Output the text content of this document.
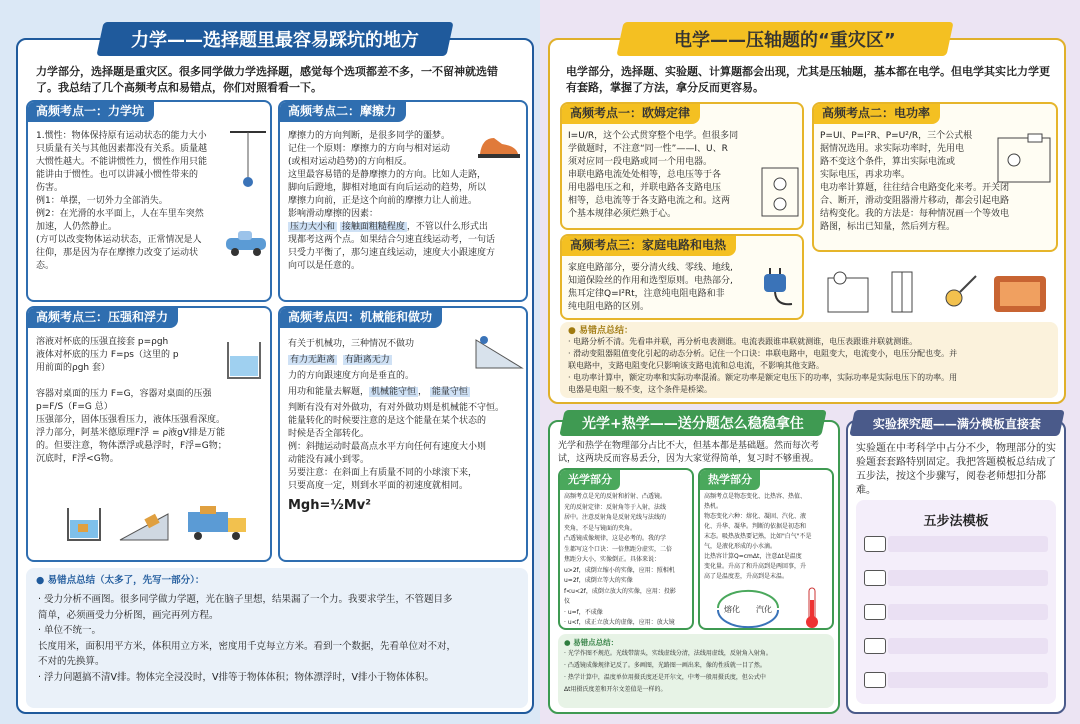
力学——选择题里最容易踩坑的地方
力学部分，选择题是重灾区。很多同学做力学选择题，感觉每个选项都差不多，一不留神就选错了。我总结了几个高频考点和易错点，你们对照看看一下。
高频考点一：力学坑

1.惯性：物体保持原有运动状态的能力大小

只质量有关与其他因素都没有关系。质量越

大惯性越大。不能讲惯性力，惯性作用只能

能讲由于惯性。也可以讲减小惯性带来的

伤害。

例1：单摆，一切外力全部消失。

例2：在光滑的水平面上，人在车里车突然

加速，人仍然静止。

(方可以改变物体运动状态，正常情况是人

往仰，那是因为存在摩擦力改变了运动状

态。

高频考点二：摩擦力

摩擦力的方向判断，是很多同学的噩梦。

记住一个原则：摩擦力的方向与相对运动

(或相对运动趋势)的方向相反。

这里最容易错的是静摩擦力的方向。比如人走路，

脚向后蹬地，脚相对地面有向后运动的趋势，所以

摩擦力向前，正是这个向前的摩擦力让人前进。

影响滑动摩擦的因素：

压力大小和 接触面粗糙程度 ，不管以什么形式出

现都考这两个点。如果结合匀速直线运动考，一句话

只受力平衡了，那匀速直线运动，速度大小跟速度方

向可以是任意的。

高频考点三：压强和浮力

溶液对杯底的压强直接套 p=ρgh

液体对杯底的压力 F=ps（这里的 p

用前面的ρgh 套）

容器对桌面的压力 F=G，容器对桌面的压强

p=F/S（F=G 总）

压强部分，固体压强看压力，液体压强看深度。

浮力部分，阿基米德原理F浮 = ρ液gV排是万能

的。但要注意，物体漂浮或悬浮时，F浮=G物；

沉底时，F浮<G物。

高频考点四：机械能和做功

有关于机械功，三种情况不做功

有力无距离 有距离无力

力的方向跟速度方向是垂直的。

用功和能量去解题， 机械能守恒 ， 能量守恒

判断有没有对外做功，有对外做功则是机械能不守恒。

能量转化的时候要注意的是这个能量在某个状态的

时候是否全部转化。

例：斜抛运动时最高点水平方向任何有速度大小则

动能没有减小到零。

另要注意：在斜面上有质量不同的小球滚下来，

只要高度一定，则到水平面的初速度就相同。

Mgh=½Mv²

● 易错点总结（太多了，先写一部分）：

· 受力分析不画图。很多同学做力学题，光在脑子里想，结果漏了一个力。我要求学生，不管题目多

简单，必须画受力分析图，画完再列方程。

· 单位不统一。

长度用米，面积用平方米，体积用立方米，密度用千克每立方米。看到一个数据，先看单位对不对，

不对的先换算。

· 浮力问题搞不清V排。物体完全浸没时，V排等于物体体积；物体漂浮时，V排小于物体体积。

电学——压轴题的“重灾区”
电学部分，选择题、实验题、计算题都会出现，尤其是压轴题，基本都在电学。但电学其实比力学更有套路，掌握了方法，拿分反而更容易。
高频考点一：欧姆定律

I=U/R，这个公式贯穿整个电学。但很多同

学做题时，不注意“同一性”——I、U、R

须对应同一段电路或同一个用电器。

串联电路电流处处相等，总电压等于各

用电器电压之和，并联电路各支路电压

相等，总电流等于各支路电流之和。这两

个基本规律必须烂熟于心。

高频考点二：电功率

P=UI、P=I²R、P=U²/R，三个公式根

据情况选用。求实际功率时，先用电

路不变这个条件，算出实际电流或

实际电压，再求功率。

电功率计算题，往往结合电路变化来考。开关闭

合、断开，滑动变阻器滑片移动，都会引起电路

结构变化。我的方法是：每种情况画一个等效电

路图，标出已知量，然后列方程。

高频考点三：家庭电路和电热

家庭电路部分，要分清火线、零线、地线,

知道保险丝的作用和选型原则。电热部分,

焦耳定律Q=I²Rt，注意纯电阻电路和非

纯电阻电路的区别。

● 易错点总结：

· 电路分析不清。先看串并联，再分析电表测谁。电流表跟谁串联就测谁，电压表跟谁并联就测谁。

· 滑动变阻器阻值变化引起的动态分析。记住一个口诀：串联电路中，电阻变大，电流变小，电压分配也变。并

联电路中，支路电阻变化只影响该支路电流和总电流，不影响其他支路。

· 电功率计算中，额定功率和实际功率混淆。额定功率是额定电压下的功率，实际功率是实际电压下的功率。用

电器是电阻一般不变，这个条件是桥梁。

光学+热学——送分题怎么稳稳拿住
光学和热学在物理部分占比不大，但基本都是基础题。然而每次考试，这两块反而容易丢分，因为大家觉得简单，复习时不够重视。
光学部分

高频考点是光的反射和折射、凸透镜。

光的反射定律：反射角等于入射，法线

居中。注意反射角是反射光线与法线的

夹角，不是与镜面的夹角。

凸透镜成像规律，这是必考的。我的学

生都写这个口诀：一倍焦距分虚实，二倍

焦距分大小，实像倒正。具体来说：

u>2f，成倒立缩小的实像，应用：照相机

u=2f，成倒立等大的实像

f<u<2f，成倒立放大的实像，应用：投影

仪

· u=f，不成像

· u<f，成正立放大的虚像，应用：放大镜

热学部分

高频考点是物态变化、比热容、热值、

热机。

物态变化六种：熔化、凝固、汽化、液

化、升华、凝华。判断的依据是初态和

末态。吸热放热要记熟，比如"白气"不是

气，是液化形成的小水滴。

比热容计算Q=cmΔt，注意Δt是温度

变化量。升高了和升高到是两回事，升

高了是温度差，升高到是末温。

熔化 汽化
● 易错点总结：

· 光学作图不规范。光线带箭头，实线虚线分清，法线用虚线，反射角入射角。

· 凸透镜成像规律记反了。多画图，光路图一画出来，像的性质就一目了然。

· 热学计算中，温度单位用摄氏度还是开尔文，中考一般用摄氏度，但公式中

Δt用摄氏度差和开尔文差值是一样的。

实验探究题——满分模板直接套
实验题在中考科学中占分不少，物理部分的实验题套套路特别固定。我把答题模板总结成了五步法，按这个步骤写，阅卷老师想扣分都难。
五步法模板
